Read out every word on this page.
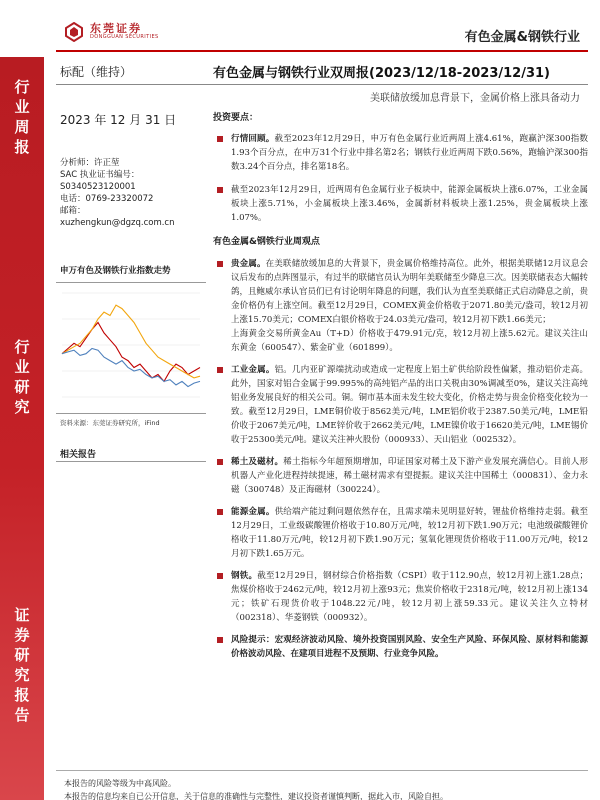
东莞证券
DONGGUAN SECURITIES	有色金属&钢铁行业
行
业
周
报
行
业
研
究
证
券
研
究
报
告
标配（维持）	有色金属与钢铁行业双周报(2023/12/18-2023/12/31)
美联储放缓加息背景下，金属价格上涨具备动力
2023 年 12 月 31 日
分析师：许正堃
SAC 执业证书编号：
S0340523120001
电话：0769-23320072
邮箱：
xuzhengkun@dgzq.com.cn
申万有色及钢铁行业指数走势
资料来源：东莞证券研究所，iFind
相关报告
投资要点：
行情回顾。截至2023年12月29日，申万有色金属行业近两周上涨4.61%，跑赢沪深300指数1.93个百分点，在申万31个行业中排名第2名；钢铁行业近两周下跌0.56%，跑输沪深300指数3.24个百分点，排名第18名。
截至2023年12月29日，近两周有色金属行业子板块中，能源金属板块上涨6.07%，工业金属板块上涨5.71%，小金属板块上涨3.46%，金属新材料板块上涨1.25%，贵金属板块上涨1.07%。
有色金属&钢铁行业周观点
贵金属。在美联储放缓加息的大背景下，贵金属价格维持高位。此外，根据美联储12月议息会议后发布的点阵图显示，有过半的联储官员认为明年美联储至少降息三次。因美联储表态大幅转鸽，且鲍威尔承认官员们已有讨论明年降息的问题，我们认为直至美联储正式启动降息之前，贵金价格仍有上涨空间。截至12月29日，COMEX黄金价格收于2071.80美元/盎司，较12月初上涨15.70美元；COMEX白银价格收于24.03美元/盎司，较12月初下跌1.66美元；
上海黄金交易所黄金Au（T+D）价格收于479.91元/克，较12月初上涨5.62元。建议关注山东黄金（600547）、紫金矿业（601899）。
工业金属。铝。几内亚矿源端扰动或造成一定程度上铝土矿供给阶段性偏紧，推动铝价走高。此外，国家对铝合金属于99.995%的高纯铝产品的出口关税由30%调减至0%，建议关注高纯铝业务发展良好的相关公司。铜。铜市基本面未发生较大变化，价格走势与贵金价格变化较为一致。截至12月29日，LME铜价收于8562美元/吨，LME铝价收于2387.50美元/吨，LME铅价收于2067美元/吨，LME锌价收于2662美元/吨，LME镍价收于16620美元/吨，LME锡价收于25300美元/吨。建议关注神火股份（000933）、天山铝业（002532）。
稀土及磁材。稀土指标今年超预期增加，印证国家对稀土及下游产业发展充满信心。目前人形机器人产业化进程持续提速，稀土磁材需求有望提振。建议关注中国稀土（000831）、金力永磁（300748）及正海磁材（300224）。
能源金属。供给端产能过剩问题依然存在，且需求端未见明显好转，锂盐价格维持走弱。截至12月29日，工业级碳酸锂价格收于10.80万元/吨，较12月初下跌1.90万元；电池级碳酸锂价格收于11.80万元/吨，较12月初下跌1.90万元；氢氧化锂现货价格收于11.00万元/吨，较12月初下跌1.65万元。
钢铁。截至12月29日，钢材综合价格指数（CSPI）收于112.90点，较12月初上涨1.28点；焦煤价格收于2462元/吨，较12月初上涨93元；焦炭价格收于2318元/吨，较12月初上涨134元；铁矿石现货价收于1048.22元/吨，较12月初上涨59.33元。建议关注久立特材（002318）、华菱钢铁（000932）。
风险提示：宏观经济波动风险、境外投资国别风险、安全生产风险、环保风险、原材料和能源价格波动风险、在建项目进程不及预期、行业竞争风险。
本报告的风险等级为中高风险。
本报告的信息均来自已公开信息，关于信息的准确性与完整性，建议投资者谨慎判断，据此入市，风险自担。
